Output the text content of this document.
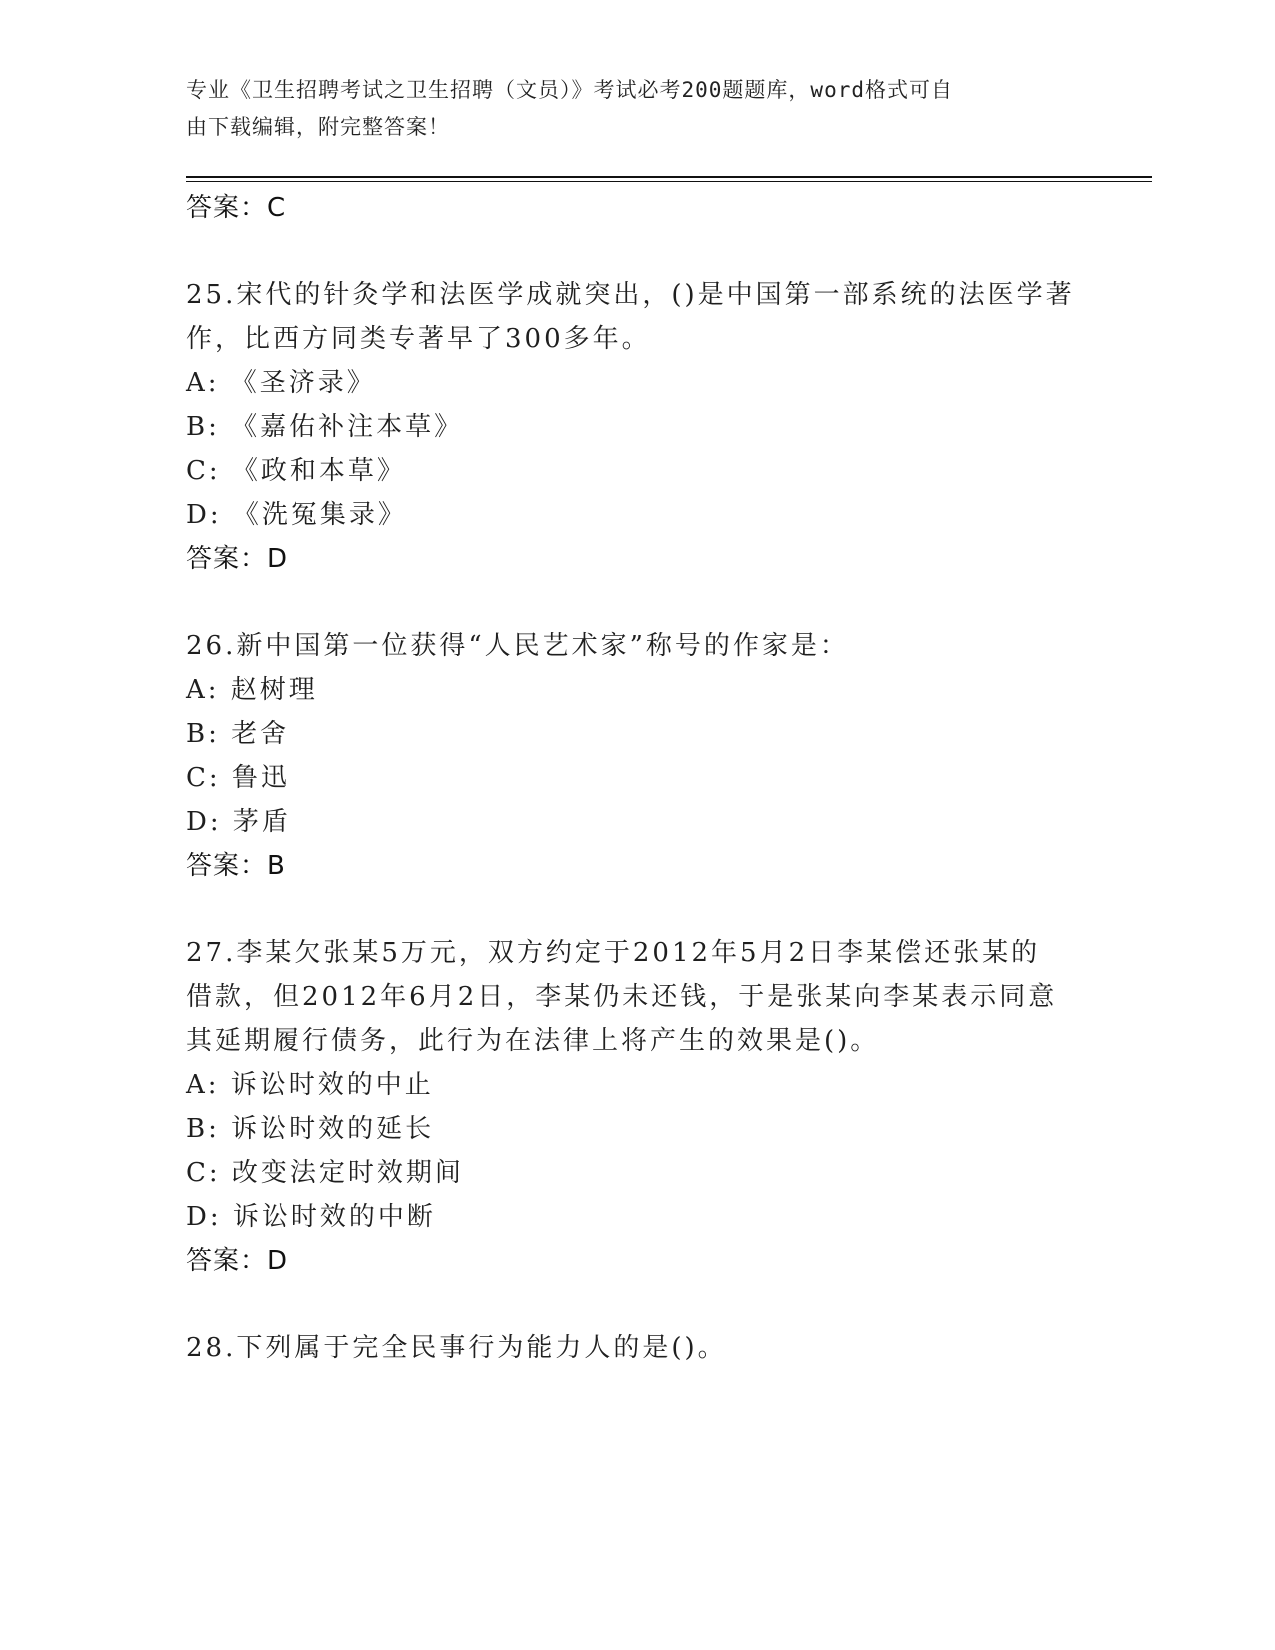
专业《卫生招聘考试之卫生招聘（文员）》考试必考200题题库，word格式可自
由下载编辑，附完整答案！
答案：C
25.宋代的针灸学和法医学成就突出，()是中国第一部系统的法医学著
作，比西方同类专著早了300多年。
A: 《圣济录》
B: 《嘉佑补注本草》
C: 《政和本草》
D: 《洗冤集录》
答案：D
26.新中国第一位获得“人民艺术家”称号的作家是：
A: 赵树理
B: 老舍
C: 鲁迅
D: 茅盾
答案：B
27.李某欠张某5万元，双方约定于2012年5月2日李某偿还张某的
借款，但2012年6月2日，李某仍未还钱，于是张某向李某表示同意
其延期履行债务，此行为在法律上将产生的效果是()。
A: 诉讼时效的中止
B: 诉讼时效的延长
C: 改变法定时效期间
D: 诉讼时效的中断
答案：D
28.下列属于完全民事行为能力人的是()。
